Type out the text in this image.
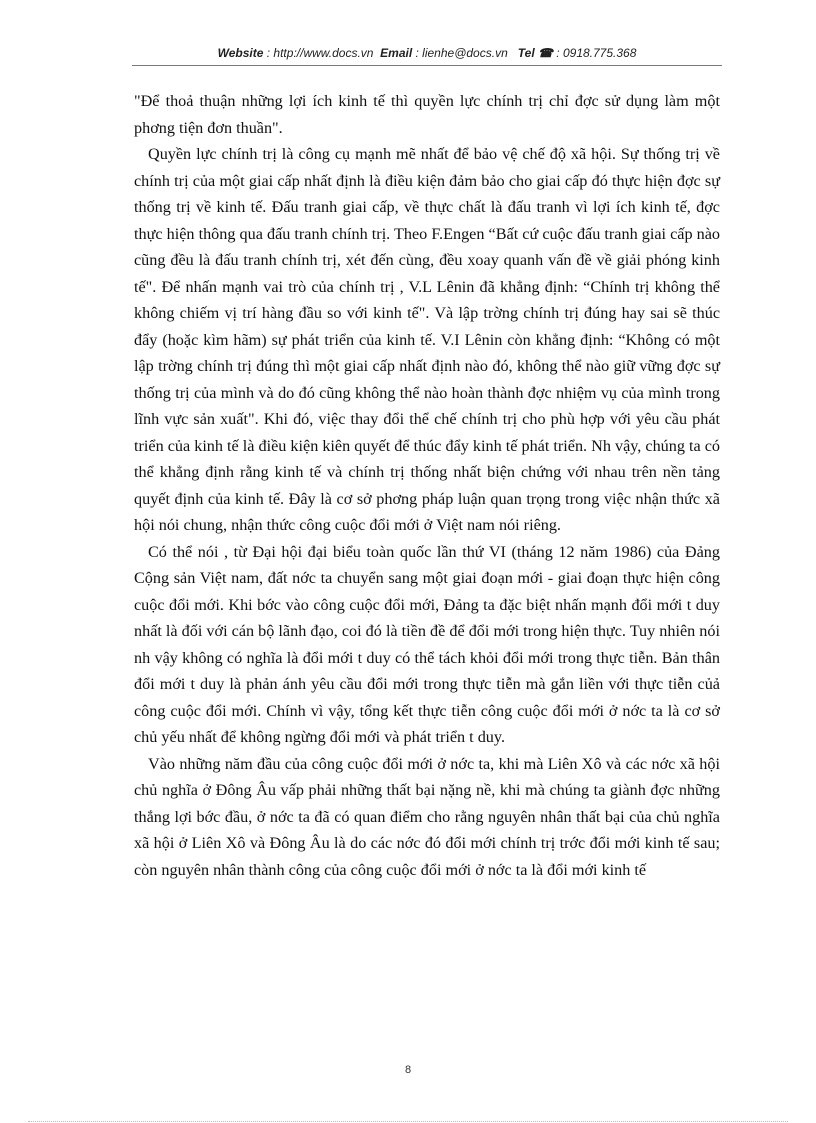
Website : http://www.docs.vn Email : lienhe@docs.vn Tel ☎ : 0918.775.368

"Để thoả thuận những lợi ích kinh tế thì quyền lực chính trị chỉ đợc sử dụng làm một phơng tiện đơn thuần".

Quyền lực chính trị là công cụ mạnh mẽ nhất để bảo vệ chế độ xã hội. Sự thống trị về chính trị của một giai cấp nhất định là điều kiện đảm bảo cho giai cấp đó thực hiện đợc sự thống trị về kinh tế. Đấu tranh giai cấp, về thực chất là đấu tranh vì lợi ích kinh tế, đợc thực hiện thông qua đấu tranh chính trị. Theo F.Engen “Bất cứ cuộc đấu tranh giai cấp nào cũng đều là đấu tranh chính trị, xét đến cùng, đều xoay quanh vấn đề về giải phóng kinh tế". Để nhấn mạnh vai trò của chính trị , V.L Lênin đã khẳng định: “Chính trị không thể không chiếm vị trí hàng đầu so với kinh tế". Và lập trờng chính trị đúng hay sai sẽ thúc đẩy (hoặc kìm hãm) sự phát triển của kinh tế. V.I Lênin còn khẳng định: “Không có một lập trờng chính trị đúng thì một giai cấp nhất định nào đó, không thể nào giữ vững đợc sự thống trị của mình và do đó cũng không thể nào hoàn thành đợc nhiệm vụ của mình trong lĩnh vực sản xuất". Khi đó, việc thay đổi thể chế chính trị cho phù hợp với yêu cầu phát triển của kinh tế là điều kiện kiên quyết để thúc đẩy kinh tế phát triển. Nh vậy, chúng ta có thể khẳng định rằng kinh tế và chính trị thống nhất biện chứng với nhau trên nền tảng quyết định của kinh tế. Đây là cơ sở phơng pháp luận quan trọng trong việc nhận thức xã hội nói chung, nhận thức công cuộc đổi mới ở Việt nam nói riêng.

Có thể nói , từ Đại hội đại biểu toàn quốc lần thứ VI (tháng 12 năm 1986) của Đảng Cộng sản Việt nam, đất nớc ta chuyển sang một giai đoạn mới - giai đoạn thực hiện công cuộc đổi mới. Khi bớc vào công cuộc đổi mới, Đảng ta đặc biệt nhấn mạnh đổi mới t duy nhất là đối với cán bộ lãnh đạo, coi đó là tiền đề để đổi mới trong hiện thực. Tuy nhiên nói nh vậy không có nghĩa là đổi mới t duy có thể tách khỏi đổi mới trong thực tiễn. Bản thân đổi mới t duy là phản ánh yêu cầu đổi mới trong thực tiễn mà gắn liền với thực tiễn củả công cuộc đổi mới. Chính vì vậy, tổng kết thực tiễn công cuộc đổi mới ở nớc ta là cơ sở chủ yếu nhất để không ngừng đổi mới và phát triển t duy.

Vào những năm đầu của công cuộc đổi mới ở nớc ta, khi mà Liên Xô và các nớc xã hội chủ nghĩa ở Đông Âu vấp phải những thất bại nặng nề, khi mà chúng ta giành đợc những thắng lợi bớc đầu, ở nớc ta đã có quan điểm cho rằng nguyên nhân thất bại của chủ nghĩa xã hội ở Liên Xô và Đông Âu là do các nớc đó đổi mới chính trị trớc đổi mới kinh tế sau; còn nguyên nhân thành công của công cuộc đổi mới ở nớc ta là đổi mới kinh tế

8
